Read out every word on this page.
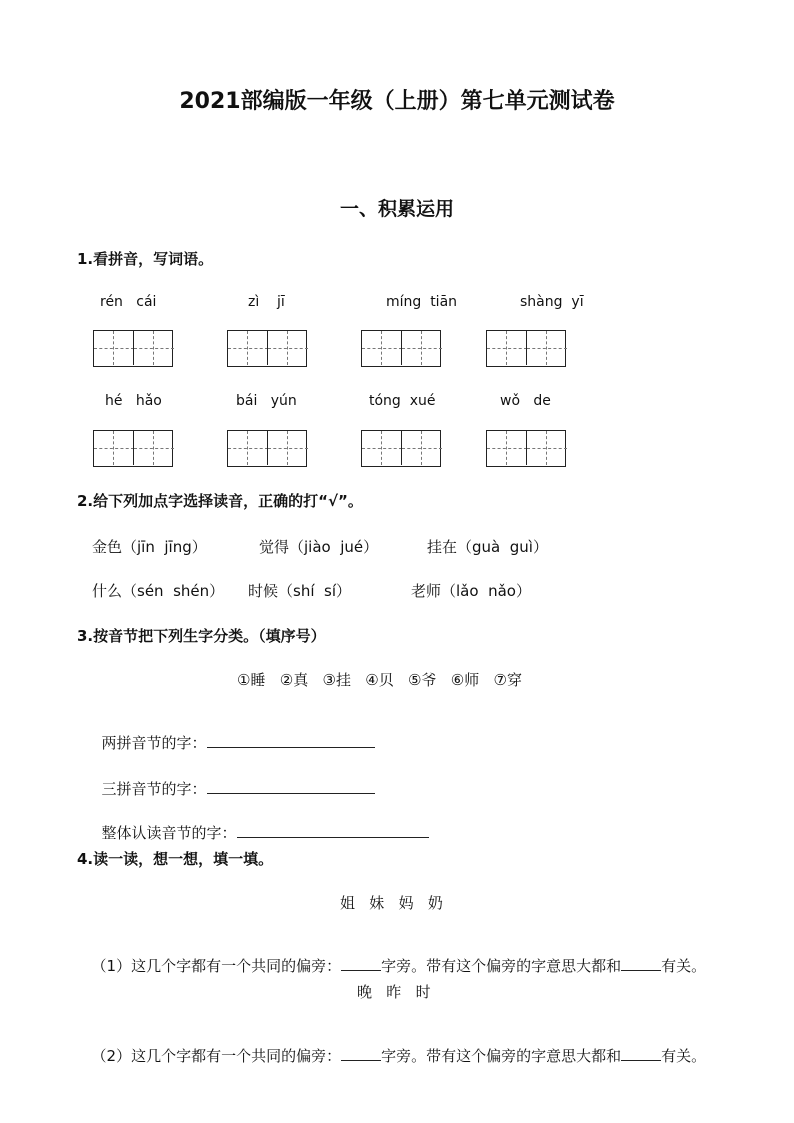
2021部编版一年级（上册）第七单元测试卷
一、积累运用
1.看拼音，写词语。
rén   cái	zì    jī	míng  tiān	shàng  yī
hé   hǎo	bái   yún	tóng  xué	wǒ   de
2.给下列加点字选择读音，正确的打“√”。
金色（jīn  jīng）	觉得（jiào  jué）	挂在（guà  guì）
什么（sén  shén） 时候（shí  sí）	老师（lǎo  nǎo）
3.按音节把下列生字分类。（填序号）
①睡   ②真   ③挂   ④贝   ⑤爷   ⑥师   ⑦穿

两拼音节的字：

三拼音节的字：

整体认读音节的字：

4.读一读，想一想，填一填。
姐   妹   妈   奶

（1）这几个字都有一个共同的偏旁：	字旁。带有这个偏旁的字意思大都和	有关。

晚   昨   时

（2）这几个字都有一个共同的偏旁：	字旁。带有这个偏旁的字意思大都和	有关。
